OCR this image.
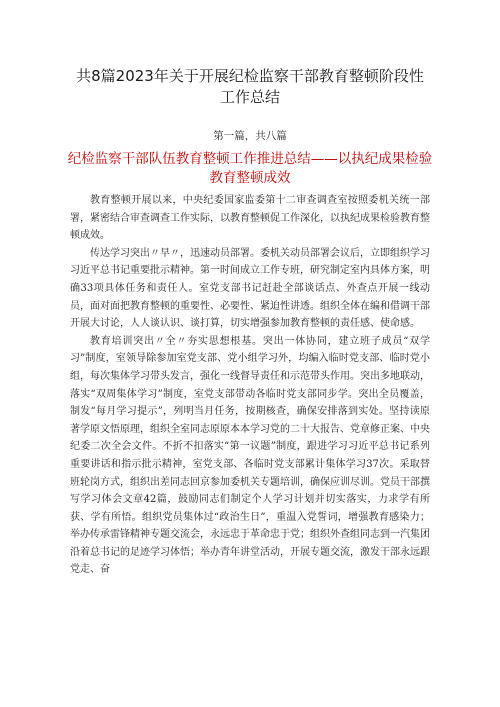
共8篇2023年关于开展纪检监察干部教育整顿阶段性
工作总结
第一篇，共八篇
纪检监察干部队伍教育整顿工作推进总结——以执纪成果检验
教育整顿成效

教育整顿开展以来，中央纪委国家监委第十二审查调查室按照委机关统一部署，紧密结合审查调查工作实际，以教育整顿促工作深化，以执纪成果检验教育整顿成效。

传达学习突出〃早〃，迅速动员部署。委机关动员部署会议后，立即组织学习习近平总书记重要批示精神。第一时间成立工作专班，研究制定室内具体方案，明确33项具体任务和责任人。室党支部书记赶赴全部谈话点、外查点开展一线动员，面对面把教育整顿的重要性、必要性、紧迫性讲透。组织全体在编和借调干部开展大讨论，人人谈认识、谈打算，切实增强参加教育整顿的责任感、使命感。

教育培训突出〃全〃夯实思想根基。突出一体协同，建立班子成员“双学习”制度，室领导除参加室党支部、党小组学习外，均编入临时党支部、临时党小组，每次集体学习带头发言，强化一线督导责任和示范带头作用。突出多地联动，落实“双周集体学习”制度，室党支部带动各临时党支部同步学。突出全员覆盖，制发“每月学习提示”，列明当月任务，按期核查，确保安排落到实处。坚持读原著学原文悟原理，组织全室同志原原本本学习党的二十大报告、党章修正案、中央纪委二次全会文件。不折不扣落实“第一议题”制度，跟进学习习近平总书记系列重要讲话和指示批示精神，室党支部、各临时党支部累计集体学习37次。采取替班轮岗方式，组织出差同志回京参加委机关专题培训，确保应训尽训。党员干部撰写学习体会文章42篇，鼓励同志们制定个人学习计划并切实落实，力求学有所获、学有所悟。组织党员集体过“政治生日”，重温入党誓词，增强教育感染力；举办传承雷锋精神专题交流会，永远忠于革命忠于党；组织外查组同志到一汽集团沿着总书记的足迹学习体悟；举办青年讲堂活动，开展专题交流，激发干部永远跟党走、奋
